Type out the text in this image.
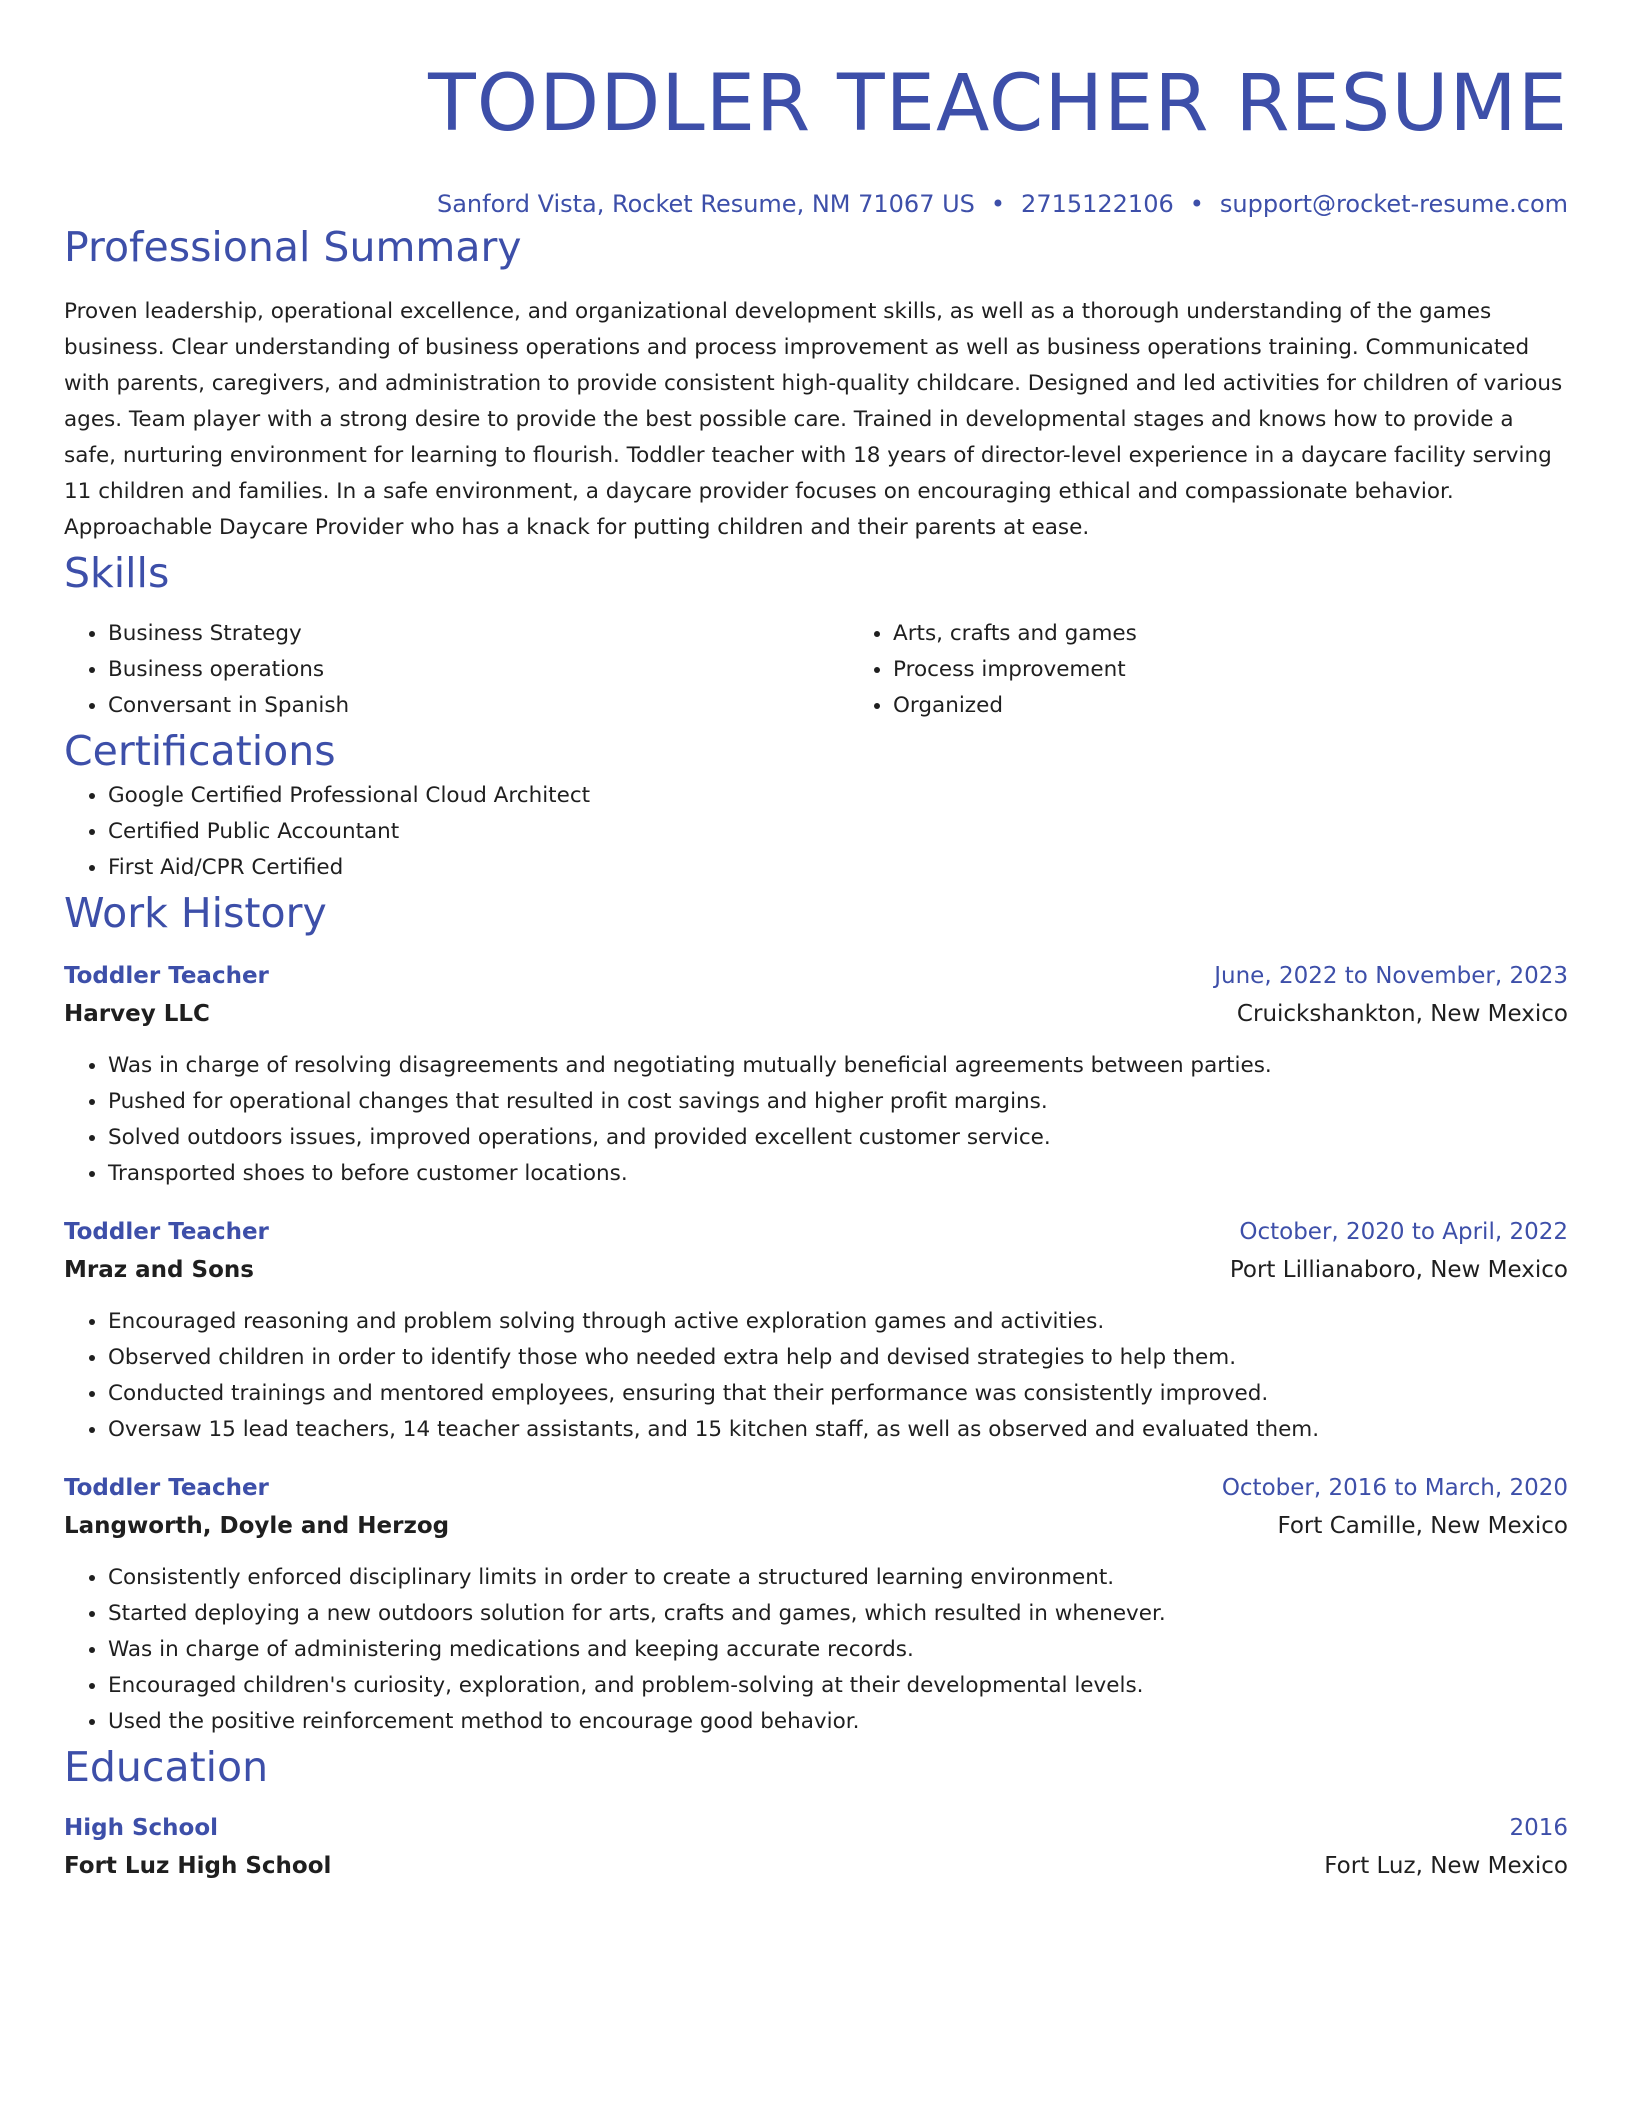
TODDLER TEACHER RESUME
Sanford Vista, Rocket Resume, NM 71067 US • 2715122106 • support@rocket-resume.com
Professional Summary

Proven leadership, operational excellence, and organizational development skills, as well as a thorough understanding of the games business. Clear understanding of business operations and process improvement as well as business operations training. Communicated with parents, caregivers, and administration to provide consistent high-quality childcare. Designed and led activities for children of various ages. Team player with a strong desire to provide the best possible care. Trained in developmental stages and knows how to provide a safe, nurturing environment for learning to flourish. Toddler teacher with 18 years of director-level experience in a daycare facility serving 11 children and families. In a safe environment, a daycare provider focuses on encouraging ethical and compassionate behavior. Approachable Daycare Provider who has a knack for putting children and their parents at ease.

Skills
• Business Strategy
• Business operations
• Conversant in Spanish
• Arts, crafts and games
• Process improvement
• Organized
Certifications
• Google Certified Professional Cloud Architect
• Certified Public Accountant
• First Aid/CPR Certified
Work History
Toddler Teacher	June, 2022 to November, 2023
Harvey LLC	Cruickshankton, New Mexico
• Was in charge of resolving disagreements and negotiating mutually beneficial agreements between parties.
• Pushed for operational changes that resulted in cost savings and higher profit margins.
• Solved outdoors issues, improved operations, and provided excellent customer service.
• Transported shoes to before customer locations.
Toddler Teacher	October, 2020 to April, 2022
Mraz and Sons	Port Lillianaboro, New Mexico
• Encouraged reasoning and problem solving through active exploration games and activities.
• Observed children in order to identify those who needed extra help and devised strategies to help them.
• Conducted trainings and mentored employees, ensuring that their performance was consistently improved.
• Oversaw 15 lead teachers, 14 teacher assistants, and 15 kitchen staff, as well as observed and evaluated them.
Toddler Teacher	October, 2016 to March, 2020
Langworth, Doyle and Herzog	Fort Camille, New Mexico
• Consistently enforced disciplinary limits in order to create a structured learning environment.
• Started deploying a new outdoors solution for arts, crafts and games, which resulted in whenever.
• Was in charge of administering medications and keeping accurate records.
• Encouraged children's curiosity, exploration, and problem-solving at their developmental levels.
• Used the positive reinforcement method to encourage good behavior.
Education
High School	2016
Fort Luz High School	Fort Luz, New Mexico
